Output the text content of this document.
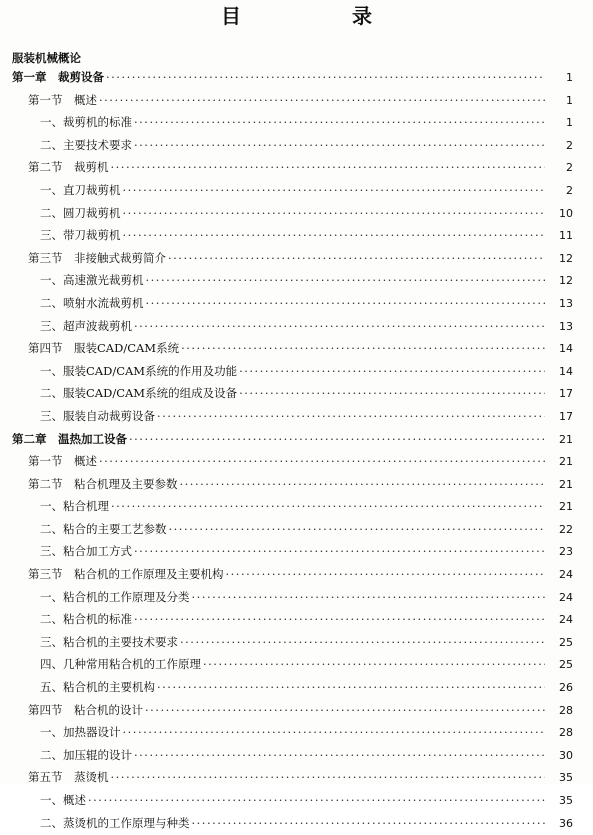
目 录
服装机械概论
第一章　裁剪设备 ·····	1
第一节　概述 ·····	1
一、裁剪机的标准 ·····	1
二、主要技术要求 ·····	2
第二节　裁剪机 ·····	2
一、直刀裁剪机 ·····	2
二、圆刀裁剪机 ·····	10
三、带刀裁剪机 ·····	11
第三节　非接触式裁剪简介 ·····	12
一、高速激光裁剪机 ·····	12
二、喷射水流裁剪机 ·····	13
三、超声波裁剪机 ·····	13
第四节　服装CAD/CAM系统 ·····	14
一、服装CAD/CAM系统的作用及功能 ·····	14
二、服装CAD/CAM系统的组成及设备 ·····	17
三、服装自动裁剪设备 ·····	17
第二章　温热加工设备 ·····	21
第一节　概述 ·····	21
第二节　粘合机理及主要参数 ·····	21
一、粘合机理 ·····	21
二、粘合的主要工艺参数 ·····	22
三、粘合加工方式 ·····	23
第三节　粘合机的工作原理及主要机构 ·····	24
一、粘合机的工作原理及分类 ·····	24
二、粘合机的标准 ·····	24
三、粘合机的主要技术要求 ·····	25
四、几种常用粘合机的工作原理 ·····	25
五、粘合机的主要机构 ·····	26
第四节　粘合机的设计 ·····	28
一、加热器设计 ·····	28
二、加压辊的设计 ·····	30
第五节　蒸烫机 ·····	35
一、概述 ·····	35
二、蒸烫机的工作原理与种类 ·····	36
